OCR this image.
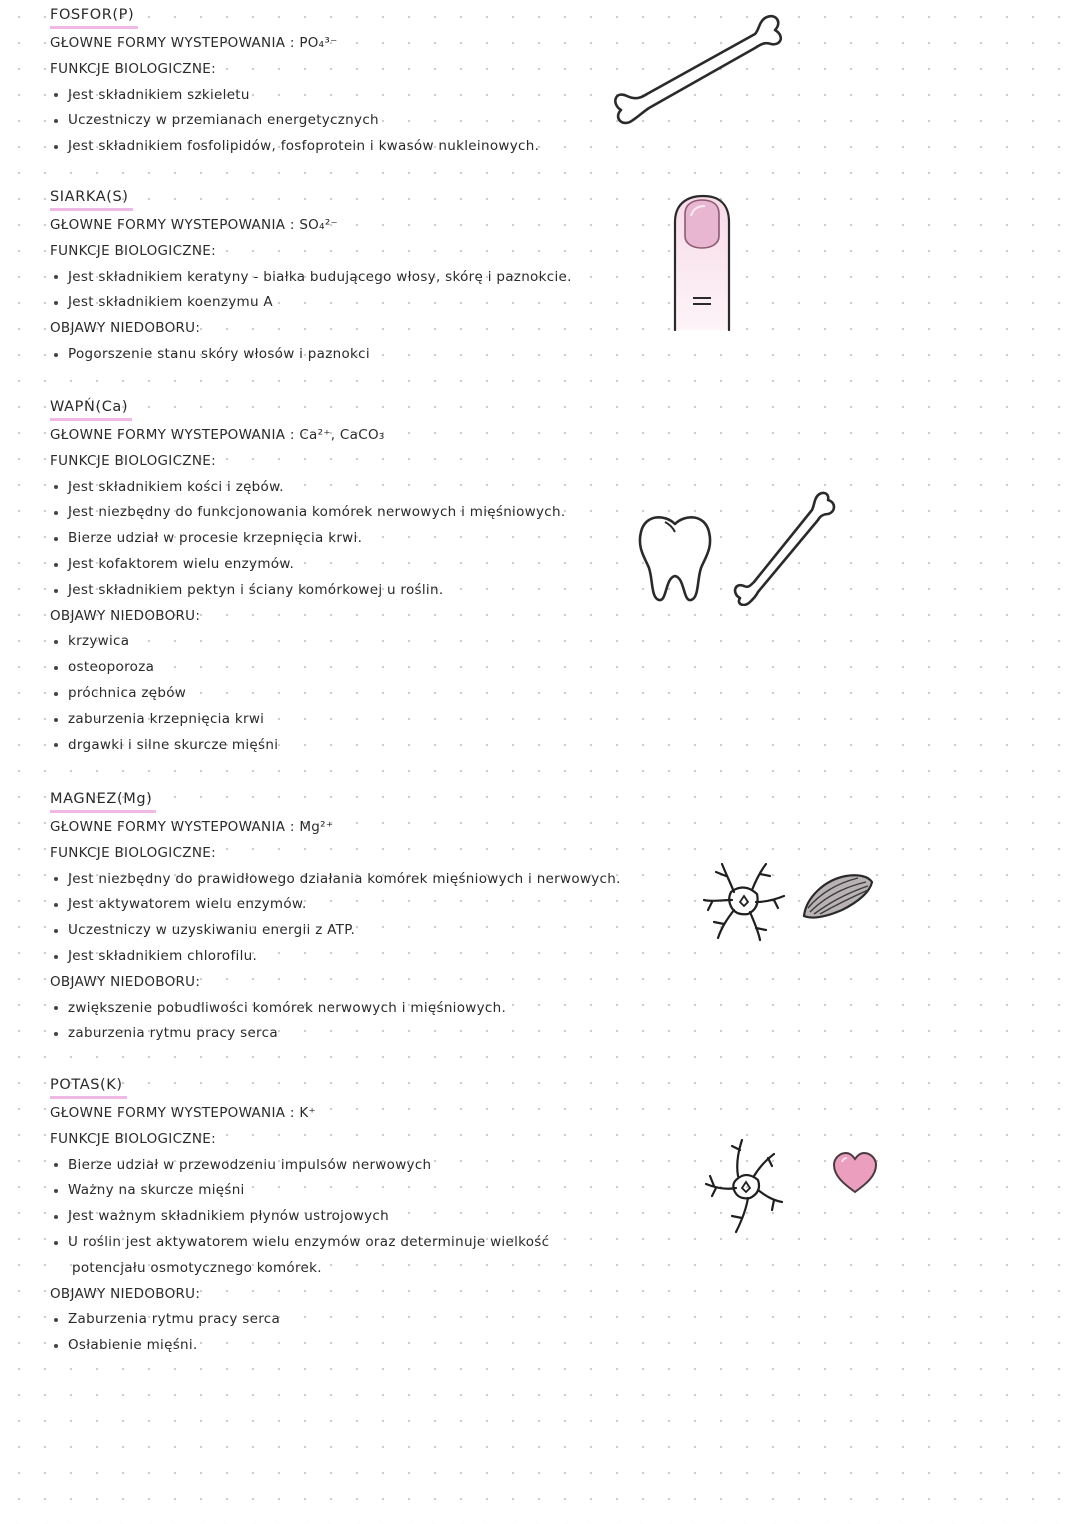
FOSFOR(P)
GŁOWNE FORMY WYSTEPOWANIA : PO₄³⁻
FUNKCJE BIOLOGICZNE:
Jest składnikiem szkieletu
Uczestniczy w przemianach energetycznych
Jest składnikiem fosfolipidów, fosfoprotein i kwasów nukleinowych.
SIARKA(S)
GŁOWNE FORMY WYSTEPOWANIA : SO₄²⁻
FUNKCJE BIOLOGICZNE:
Jest składnikiem keratyny - białka budującego włosy, skórę i paznokcie.
Jest składnikiem koenzymu A
OBJAWY NIEDOBORU:
Pogorszenie stanu skóry włosów i paznokci
WAPŃ(Ca)
GŁOWNE FORMY WYSTEPOWANIA : Ca²⁺, CaCO₃
FUNKCJE BIOLOGICZNE:
Jest składnikiem kości i zębów.
Jest niezbędny do funkcjonowania komórek nerwowych i mięśniowych.
Bierze udział w procesie krzepnięcia krwi.
Jest kofaktorem wielu enzymów.
Jest składnikiem pektyn i ściany komórkowej u roślin.
OBJAWY NIEDOBORU:
krzywica
osteoporoza
próchnica zębów
zaburzenia krzepnięcia krwi
drgawki i silne skurcze mięśni
MAGNEZ(Mg)
GŁOWNE FORMY WYSTEPOWANIA : Mg²⁺
FUNKCJE BIOLOGICZNE:
Jest niezbędny do prawidłowego działania komórek mięśniowych i nerwowych.
Jest aktywatorem wielu enzymów.
Uczestniczy w uzyskiwaniu energii z ATP.
Jest składnikiem chlorofilu.
OBJAWY NIEDOBORU:
zwiększenie pobudliwości komórek nerwowych i mięśniowych.
zaburzenia rytmu pracy serca
POTAS(K)
GŁOWNE FORMY WYSTEPOWANIA : K⁺
FUNKCJE BIOLOGICZNE:
Bierze udział w przewodzeniu impulsów nerwowych
Ważny na skurcze mięśni
Jest ważnym składnikiem płynów ustrojowych
U roślin jest aktywatorem wielu enzymów oraz determinuje wielkość
potencjału osmotycznego komórek.
OBJAWY NIEDOBORU:
Zaburzenia rytmu pracy serca
Osłabienie mięśni.
